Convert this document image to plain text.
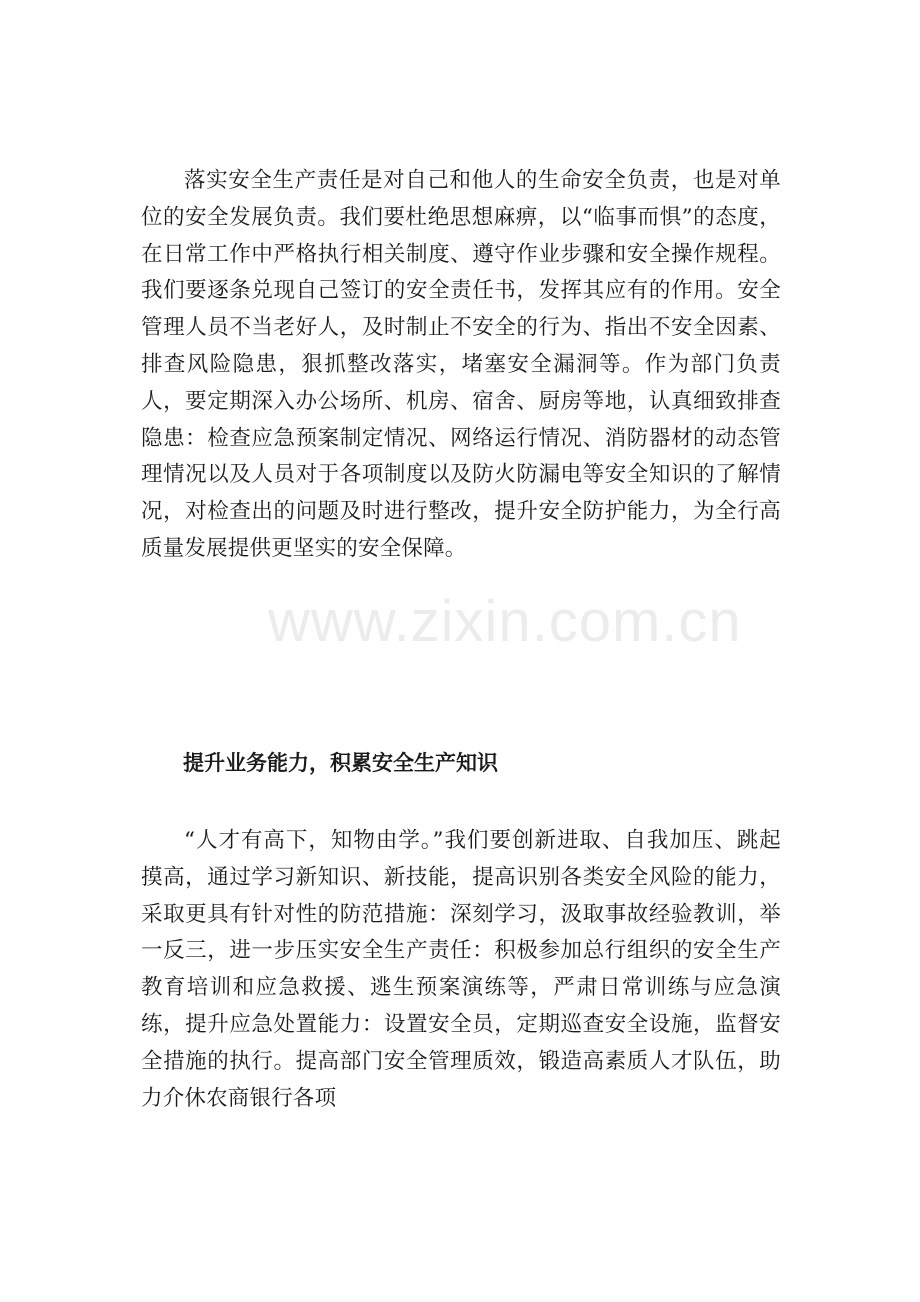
落实安全生产责任是对自己和他人的生命安全负责，也是对单位的安全发展负责。我们要杜绝思想麻痹，以“临事而惧”的态度，在日常工作中严格执行相关制度、遵守作业步骤和安全操作规程。我们要逐条兑现自己签订的安全责任书，发挥其应有的作用。安全管理人员不当老好人，及时制止不安全的行为、指出不安全因素、排查风险隐患，狠抓整改落实，堵塞安全漏洞等。作为部门负责人，要定期深入办公场所、机房、宿舍、厨房等地，认真细致排查隐患：检查应急预案制定情况、网络运行情况、消防器材的动态管理情况以及人员对于各项制度以及防火防漏电等安全知识的了解情况，对检查出的问题及时进行整改，提升安全防护能力，为全行高质量发展提供更坚实的安全保障。

提升业务能力，积累安全生产知识

“人才有高下，知物由学。”我们要创新进取、自我加压、跳起摸高，通过学习新知识、新技能，提高识别各类安全风险的能力，采取更具有针对性的防范措施：深刻学习，汲取事故经验教训，举一反三，进一步压实安全生产责任：积极参加总行组织的安全生产教育培训和应急救援、逃生预案演练等，严肃日常训练与应急演练，提升应急处置能力：设置安全员，定期巡查安全设施，监督安全措施的执行。提高部门安全管理质效，锻造高素质人才队伍，助力介休农商银行各项

www.zixin.com.cn
